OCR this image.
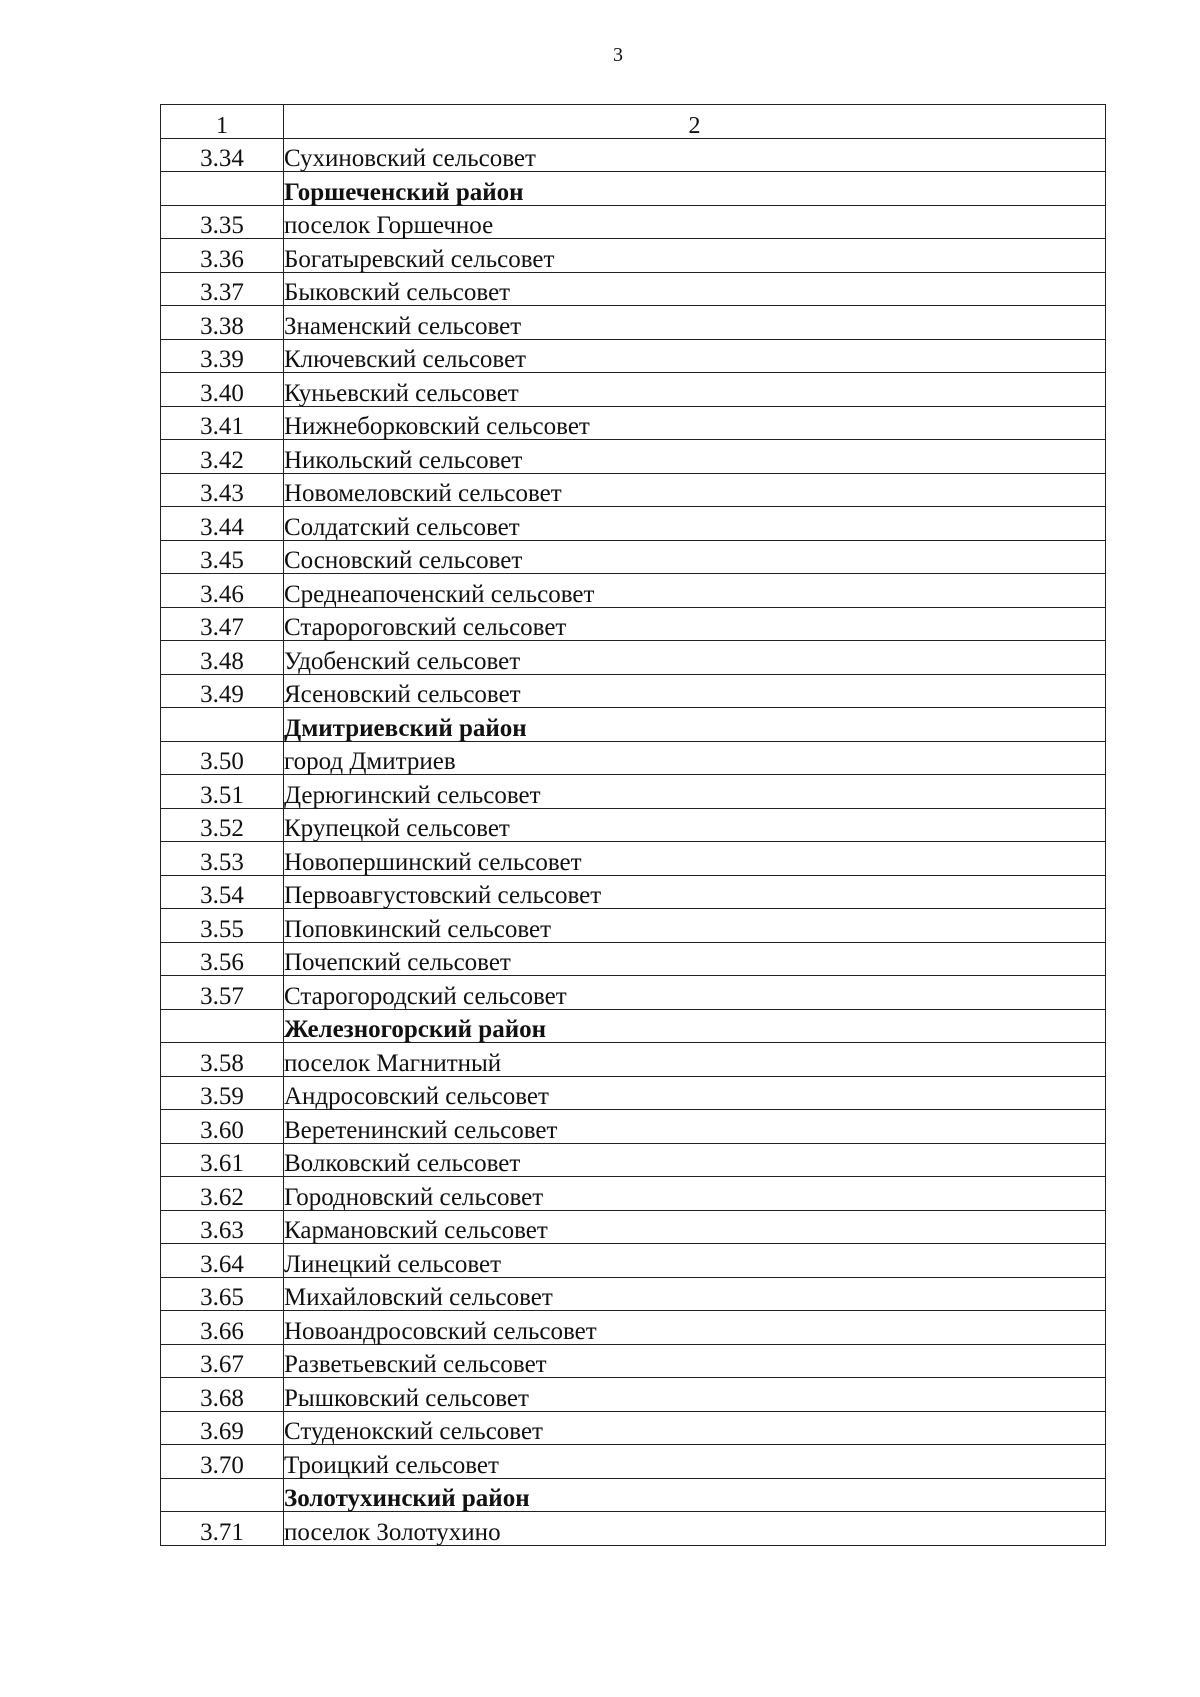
3
1	2
3.34	Сухиновский сельсовет
	Горшеченский район
3.35	поселок Горшечное
3.36	Богатыревский сельсовет
3.37	Быковский сельсовет
3.38	Знаменский сельсовет
3.39	Ключевский сельсовет
3.40	Куньевский сельсовет
3.41	Нижнеборковский сельсовет
3.42	Никольский сельсовет
3.43	Новомеловский сельсовет
3.44	Солдатский сельсовет
3.45	Сосновский сельсовет
3.46	Среднеапоченский сельсовет
3.47	Старороговский сельсовет
3.48	Удобенский сельсовет
3.49	Ясеновский сельсовет
	Дмитриевский район
3.50	город Дмитриев
3.51	Дерюгинский сельсовет
3.52	Крупецкой сельсовет
3.53	Новопершинский сельсовет
3.54	Первоавгустовский сельсовет
3.55	Поповкинский сельсовет
3.56	Почепский сельсовет
3.57	Старогородский сельсовет
	Железногорский район
3.58	поселок Магнитный
3.59	Андросовский сельсовет
3.60	Веретенинский сельсовет
3.61	Волковский сельсовет
3.62	Городновский сельсовет
3.63	Кармановский сельсовет
3.64	Линецкий сельсовет
3.65	Михайловский сельсовет
3.66	Новоандросовский сельсовет
3.67	Разветьевский сельсовет
3.68	Рышковский сельсовет
3.69	Студенокский сельсовет
3.70	Троицкий сельсовет
	Золотухинский район
3.71	поселок Золотухино
